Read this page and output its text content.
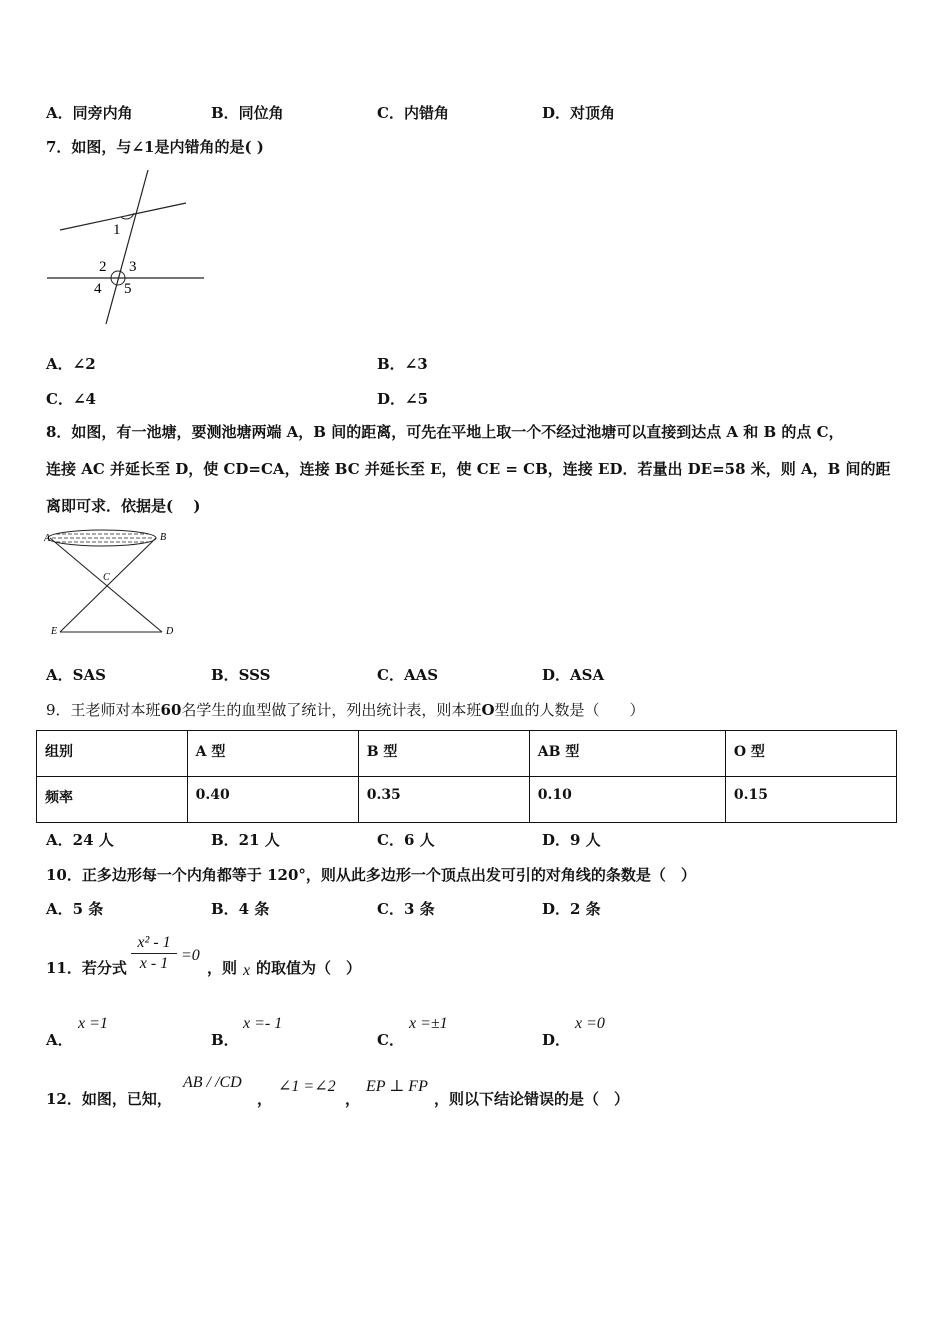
A．同旁内角	B．同位角	C．内错角	D．对顶角
7．如图，与∠1是内错角的是( )
1
2 3
4 5
A．∠2	B．∠3
C．∠4	D．∠5
8．如图，有一池塘，要测池塘两端 A，B 间的距离，可先在平地上取一个不经过池塘可以直接到达点 A 和 B 的点 C，
连接 AC 并延长至 D，使 CD=CA，连接 BC 并延长至 E，使 CE = CB，连接 ED．若量出 DE=58 米，则 A，B 间的距
离即可求．依据是(　 )
A	B
C
E	D
A．SAS	B．SSS	C．AAS	D．ASA
9．王老师对本班60名学生的血型做了统计，列出统计表，则本班O型血的人数是（　　）
组别	A 型	B 型	AB 型	O 型
频率	0.40	0.35	0.10	0.15
A．24 人	B．21 人	C．6 人	D．9 人
10．正多边形每一个内角都等于 120°，则从此多边形一个顶点出发可引的对角线的条数是（　）
A．5 条	B．4 条	C．3 条	D．2 条
11．若分式 $\frac{\text{x² - 1}}{x - 1} =0$
，则 x 的取值为（　）
A．
x =1
B．
x =- 1
C．
x =±1
D．
x =0
12．如图，已知，
AB / /CD
，
∠1 =∠2
，
EP ⊥ FP
，则以下结论错误的是（　）
